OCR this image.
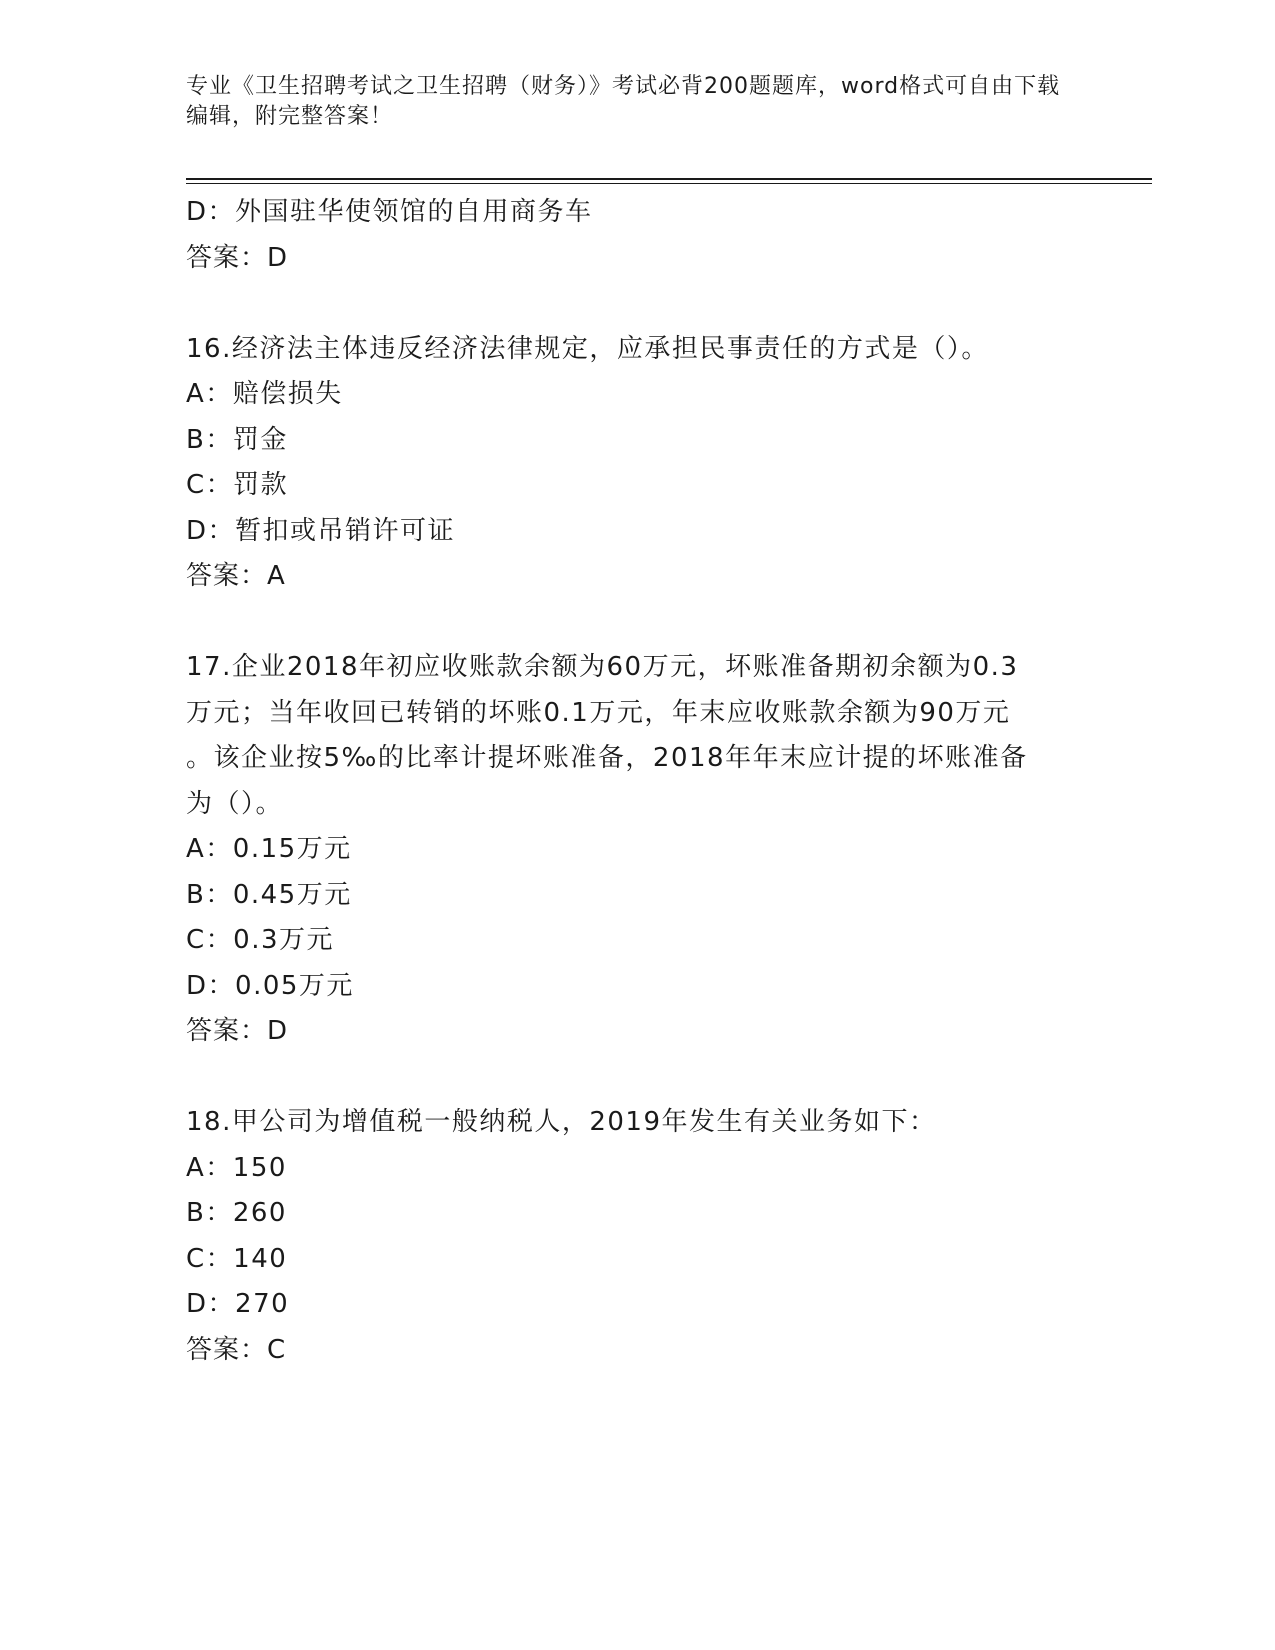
专业《卫生招聘考试之卫生招聘（财务）》考试必背200题题库，word格式可自由下载编辑，附完整答案！
D：外国驻华使领馆的自用商务车
答案：D
16.经济法主体违反经济法律规定，应承担民事责任的方式是（）。
A：赔偿损失
B：罚金
C：罚款
D：暂扣或吊销许可证
答案：A
17.企业2018年初应收账款余额为60万元，坏账准备期初余额为0.3
万元；当年收回已转销的坏账0.1万元，年末应收账款余额为90万元
。该企业按5‰的比率计提坏账准备，2018年年末应计提的坏账准备
为（）。
A：0.15万元
B：0.45万元
C：0.3万元
D：0.05万元
答案：D
18.甲公司为增值税一般纳税人，2019年发生有关业务如下：
A：150
B：260
C：140
D：270
答案：C
